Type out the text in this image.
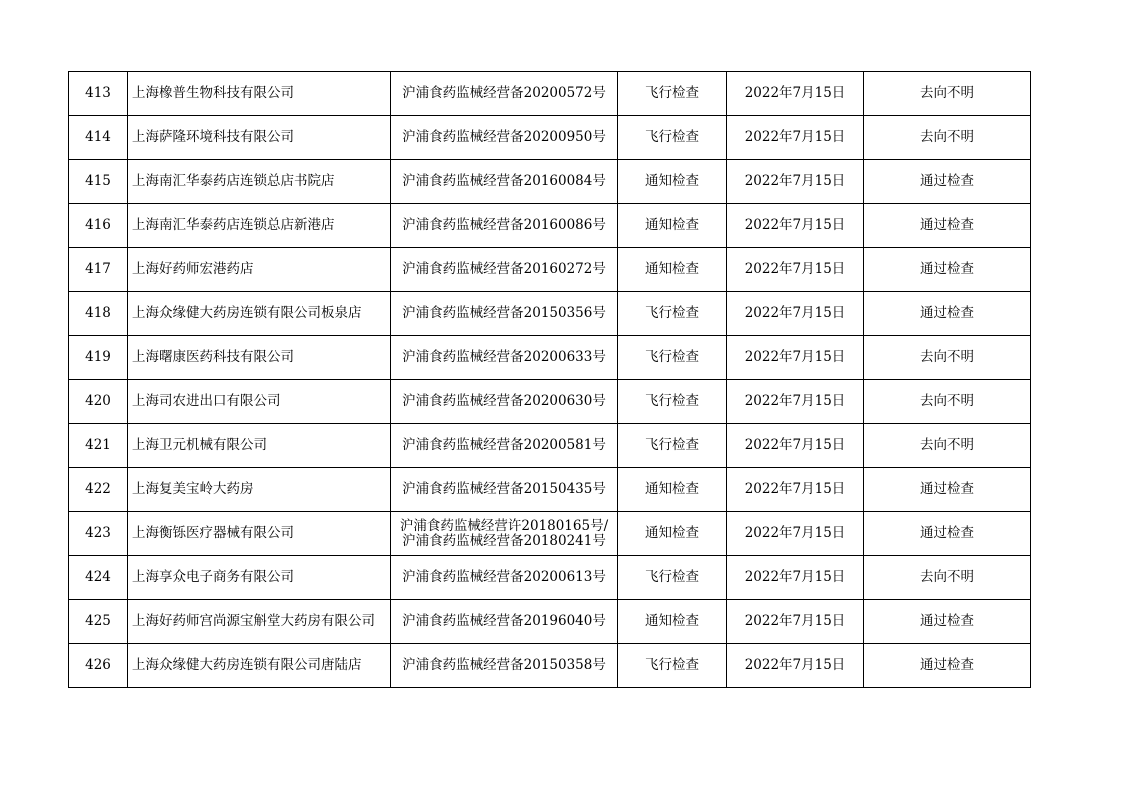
413	上海橡普生物科技有限公司	沪浦食药监械经营备20200572号	飞行检查	2022年7月15日	去向不明
414	上海萨隆环境科技有限公司	沪浦食药监械经营备20200950号	飞行检查	2022年7月15日	去向不明
415	上海南汇华泰药店连锁总店书院店	沪浦食药监械经营备20160084号	通知检查	2022年7月15日	通过检查
416	上海南汇华泰药店连锁总店新港店	沪浦食药监械经营备20160086号	通知检查	2022年7月15日	通过检查
417	上海好药师宏港药店	沪浦食药监械经营备20160272号	通知检查	2022年7月15日	通过检查
418	上海众缘健大药房连锁有限公司板泉店	沪浦食药监械经营备20150356号	飞行检查	2022年7月15日	通过检查
419	上海曙康医药科技有限公司	沪浦食药监械经营备20200633号	飞行检查	2022年7月15日	去向不明
420	上海司农进出口有限公司	沪浦食药监械经营备20200630号	飞行检查	2022年7月15日	去向不明
421	上海卫元机械有限公司	沪浦食药监械经营备20200581号	飞行检查	2022年7月15日	去向不明
422	上海复美宝岭大药房	沪浦食药监械经营备20150435号	通知检查	2022年7月15日	通过检查
423	上海衡铄医疗器械有限公司	沪浦食药监械经营许20180165号/
沪浦食药监械经营备20180241号	通知检查	2022年7月15日	通过检查
424	上海享众电子商务有限公司	沪浦食药监械经营备20200613号	飞行检查	2022年7月15日	去向不明
425	上海好药师宫尚源宝斛堂大药房有限公司	沪浦食药监械经营备20196040号	通知检查	2022年7月15日	通过检查
426	上海众缘健大药房连锁有限公司唐陆店	沪浦食药监械经营备20150358号	飞行检查	2022年7月15日	通过检查
